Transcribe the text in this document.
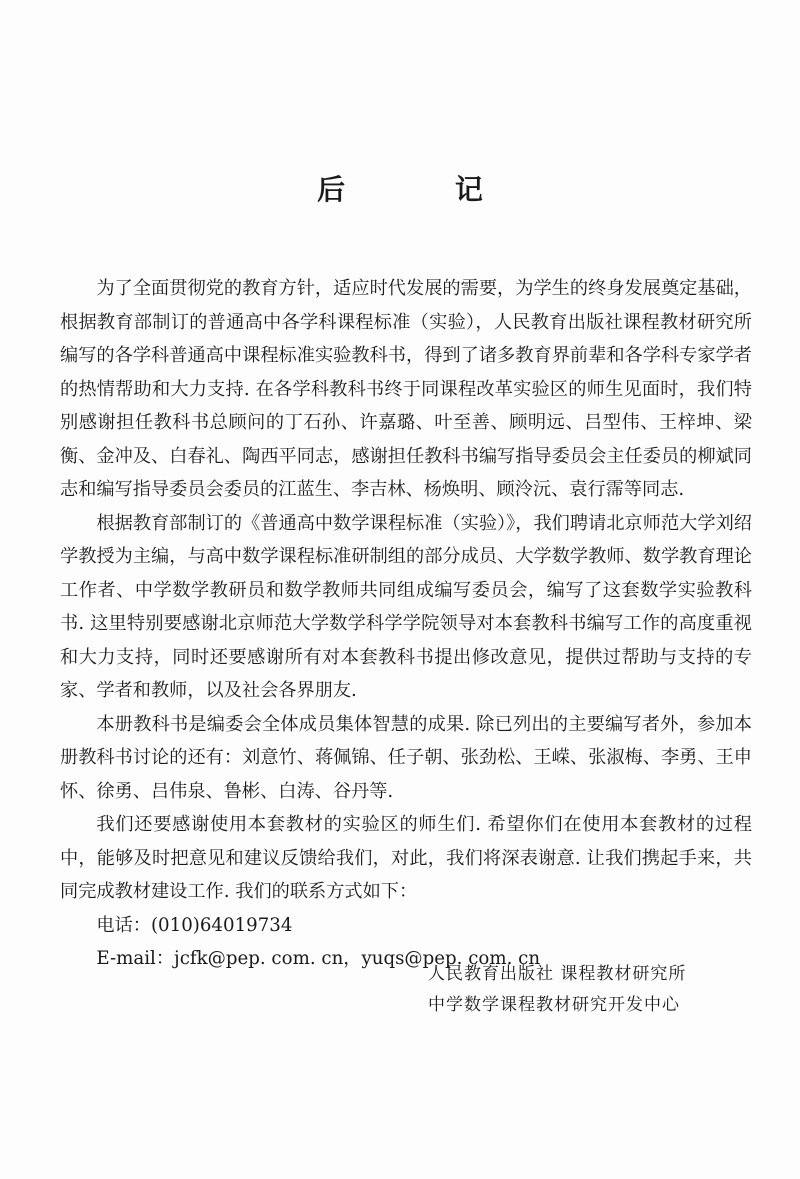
后 记

为了全面贯彻党的教育方针，适应时代发展的需要，为学生的终身发展奠定基础，根据教育部制订的普通高中各学科课程标准（实验），人民教育出版社课程教材研究所编写的各学科普通高中课程标准实验教科书，得到了诸多教育界前辈和各学科专家学者的热情帮助和大力支持. 在各学科教科书终于同课程改革实验区的师生见面时，我们特别感谢担任教科书总顾问的丁石孙、许嘉璐、叶至善、顾明远、吕型伟、王梓坤、梁衡、金冲及、白春礼、陶西平同志，感谢担任教科书编写指导委员会主任委员的柳斌同志和编写指导委员会委员的江蓝生、李吉林、杨焕明、顾泠沅、袁行霈等同志.

根据教育部制订的《普通高中数学课程标准（实验）》，我们聘请北京师范大学刘绍学教授为主编，与高中数学课程标准研制组的部分成员、大学数学教师、数学教育理论工作者、中学数学教研员和数学教师共同组成编写委员会，编写了这套数学实验教科书. 这里特别要感谢北京师范大学数学科学学院领导对本套教科书编写工作的高度重视和大力支持，同时还要感谢所有对本套教科书提出修改意见，提供过帮助与支持的专家、学者和教师，以及社会各界朋友.

本册教科书是编委会全体成员集体智慧的成果. 除已列出的主要编写者外，参加本册教科书讨论的还有：刘意竹、蒋佩锦、任子朝、张劲松、王嵘、张淑梅、李勇、王申怀、徐勇、吕伟泉、鲁彬、白涛、谷丹等.

我们还要感谢使用本套教材的实验区的师生们. 希望你们在使用本套教材的过程中，能够及时把意见和建议反馈给我们，对此，我们将深表谢意. 让我们携起手来，共同完成教材建设工作. 我们的联系方式如下：

电话：(010)64019734

E-mail：jcfk@pep. com. cn，yuqs@pep. com. cn

人民教育出版社 课程教材研究所
中学数学课程教材研究开发中心
